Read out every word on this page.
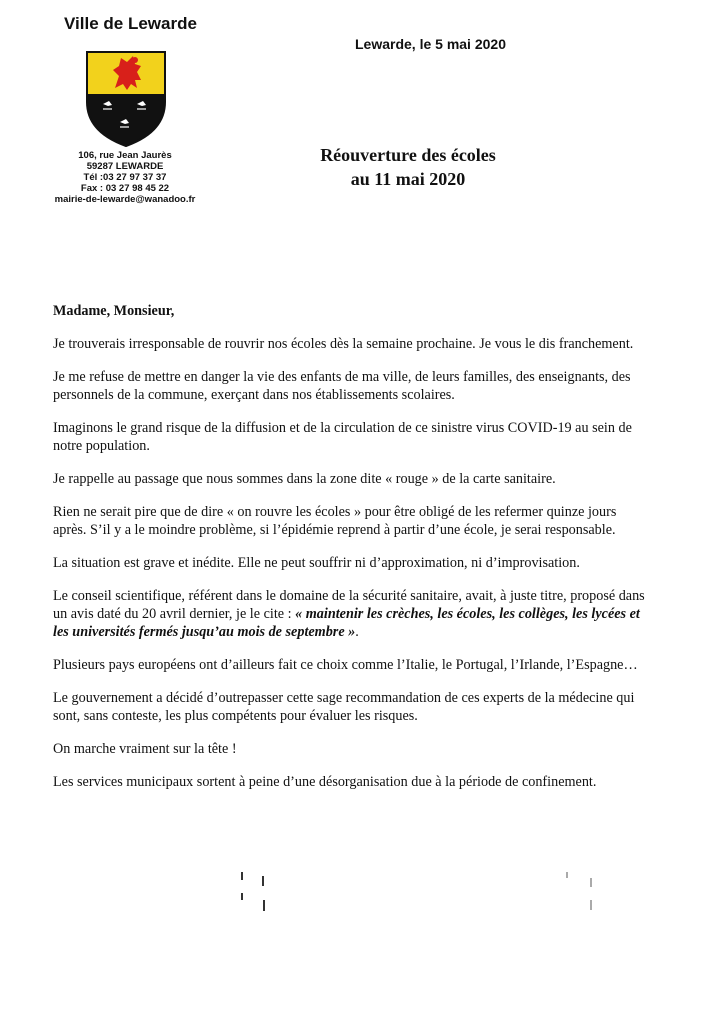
Ville de Lewarde
Lewarde, le 5 mai 2020
106, rue Jean Jaurès
59287 LEWARDE
Tél :03 27 97 37 37
Fax : 03 27 98 45 22
mairie-de-lewarde@wanadoo.fr
Réouverture des écoles
au 11 mai 2020

Madame, Monsieur,

Je trouverais irresponsable de rouvrir nos écoles dès la semaine prochaine. Je vous le dis franchement.

Je me refuse de mettre en danger la vie des enfants de ma ville, de leurs familles, des enseignants, des personnels de la commune, exerçant dans nos établissements scolaires.

Imaginons le grand risque de la diffusion et de la circulation de ce sinistre virus COVID-19 au sein de notre population.

Je rappelle au passage que nous sommes dans la zone dite « rouge » de la carte sanitaire.

Rien ne serait pire que de dire « on rouvre les écoles » pour être obligé de les refermer quinze jours après. S’il y a le moindre problème, si l’épidémie reprend à partir d’une école, je serai responsable.

La situation est grave et inédite. Elle ne peut souffrir ni d’approximation, ni d’improvisation.

Le conseil scientifique, référent dans le domaine de la sécurité sanitaire, avait, à juste titre, proposé dans un avis daté du 20 avril dernier, je le cite : « maintenir les crèches, les écoles, les collèges, les lycées et les universités fermés jusqu’au mois de septembre ».

Plusieurs pays européens ont d’ailleurs fait ce choix comme l’Italie, le Portugal, l’Irlande, l’Espagne…

Le gouvernement a décidé d’outrepasser cette sage recommandation de ces experts de la médecine qui sont, sans conteste, les plus compétents pour évaluer les risques.

On marche vraiment sur la tête !

Les services municipaux sortent à peine d’une désorganisation due à la période de confinement.
